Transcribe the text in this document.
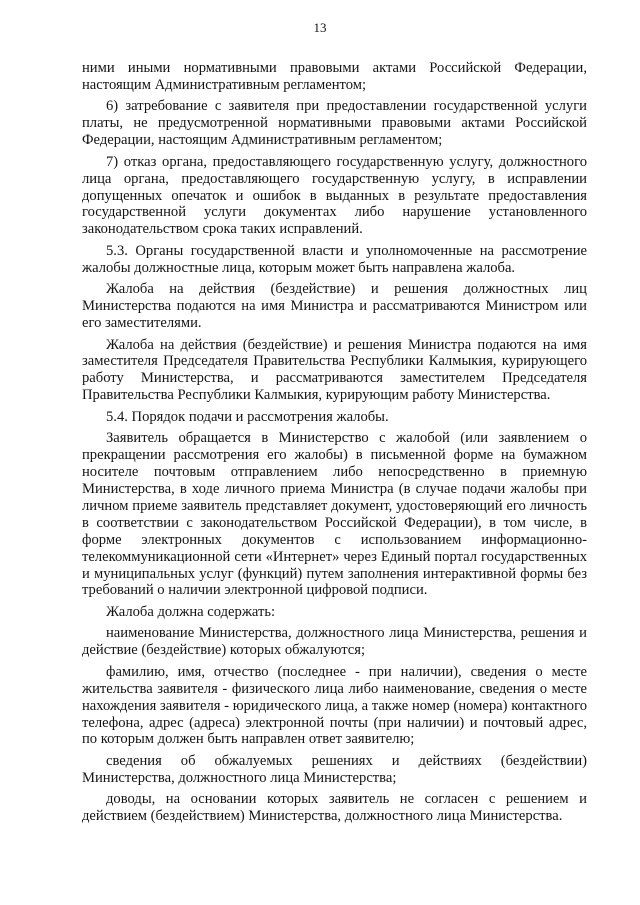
13

ними иными нормативными правовыми актами Российской Федерации, настоящим Административным регламентом;

6) затребование с заявителя при предоставлении государственной услуги платы, не предусмотренной нормативными правовыми актами Российской Федерации, настоящим Административным регламентом;

7) отказ органа, предоставляющего государственную услугу, должностного лица органа, предоставляющего государственную услугу, в исправлении допущенных опечаток и ошибок в выданных в результате предоставления государственной услуги документах либо нарушение установленного законодательством срока таких исправлений.

5.3. Органы государственной власти и уполномоченные на рассмотрение жалобы должностные лица, которым может быть направлена жалоба.

Жалоба на действия (бездействие) и решения должностных лиц Министерства подаются на имя Министра и рассматриваются Министром или его заместителями.

Жалоба на действия (бездействие) и решения Министра подаются на имя заместителя Председателя Правительства Республики Калмыкия, курирующего работу Министерства, и рассматриваются заместителем Председателя Правительства Республики Калмыкия, курирующим работу Министерства.

5.4. Порядок подачи и рассмотрения жалобы.

Заявитель обращается в Министерство с жалобой (или заявлением о прекращении рассмотрения его жалобы) в письменной форме на бумажном носителе почтовым отправлением либо непосредственно в приемную Министерства, в ходе личного приема Министра (в случае подачи жалобы при личном приеме заявитель представляет документ, удостоверяющий его личность в соответствии с законодательством Российской Федерации), в том числе, в форме электронных документов с использованием информационно-телекоммуникационной сети «Интернет» через Единый портал государственных и муниципальных услуг (функций) путем заполнения интерактивной формы без требований о наличии электронной цифровой подписи.

Жалоба должна содержать:

наименование Министерства, должностного лица Министерства, решения и действие (бездействие) которых обжалуются;

фамилию, имя, отчество (последнее - при наличии), сведения о месте жительства заявителя - физического лица либо наименование, сведения о месте нахождения заявителя - юридического лица, а также номер (номера) контактного телефона, адрес (адреса) электронной почты (при наличии) и почтовый адрес, по которым должен быть направлен ответ заявителю;

сведения об обжалуемых решениях и действиях (бездействии) Министерства, должностного лица Министерства;

доводы, на основании которых заявитель не согласен с решением и действием (бездействием) Министерства, должностного лица Министерства.
